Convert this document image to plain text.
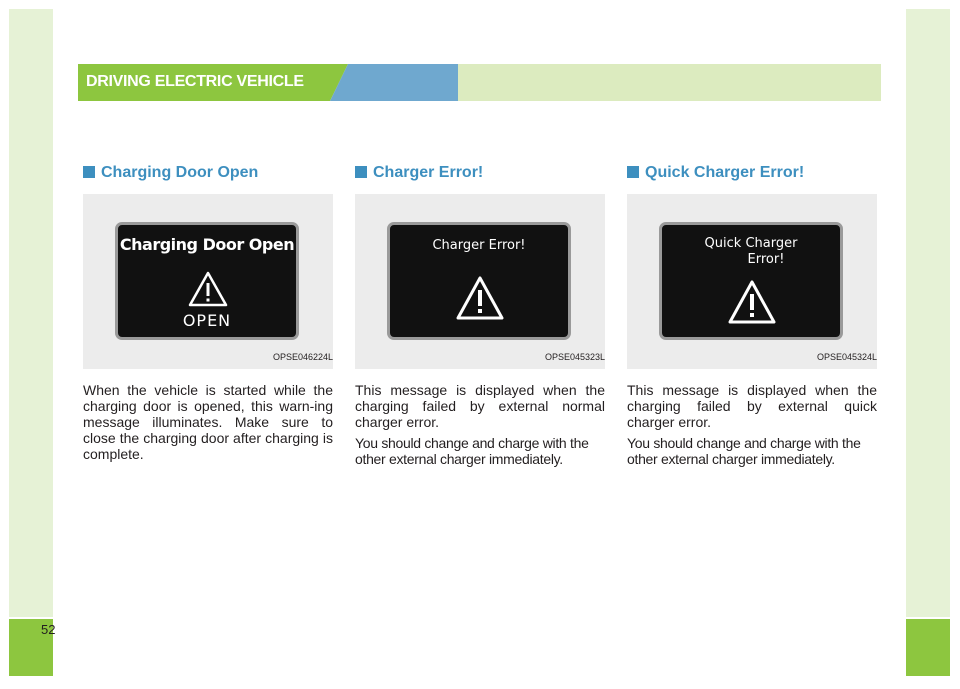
52
DRIVING ELECTRIC VEHICLE
Charging Door Open
Charging Door Open
OPEN
OPSE046224L

When the vehicle is started while the charging door is opened, this warn-ing message illuminates. Make sure to close the charging door after charging is complete.

Charger Error!
Charger Error!
OPSE045323L

This message is displayed when the charging failed by external normal charger error.

You should change and charge with the other external charger immediately.

Quick Charger Error!
Quick Charger
Error!
OPSE045324L

This message is displayed when the charging failed by external quick charger error.

You should change and charge with the other external charger immediately.
